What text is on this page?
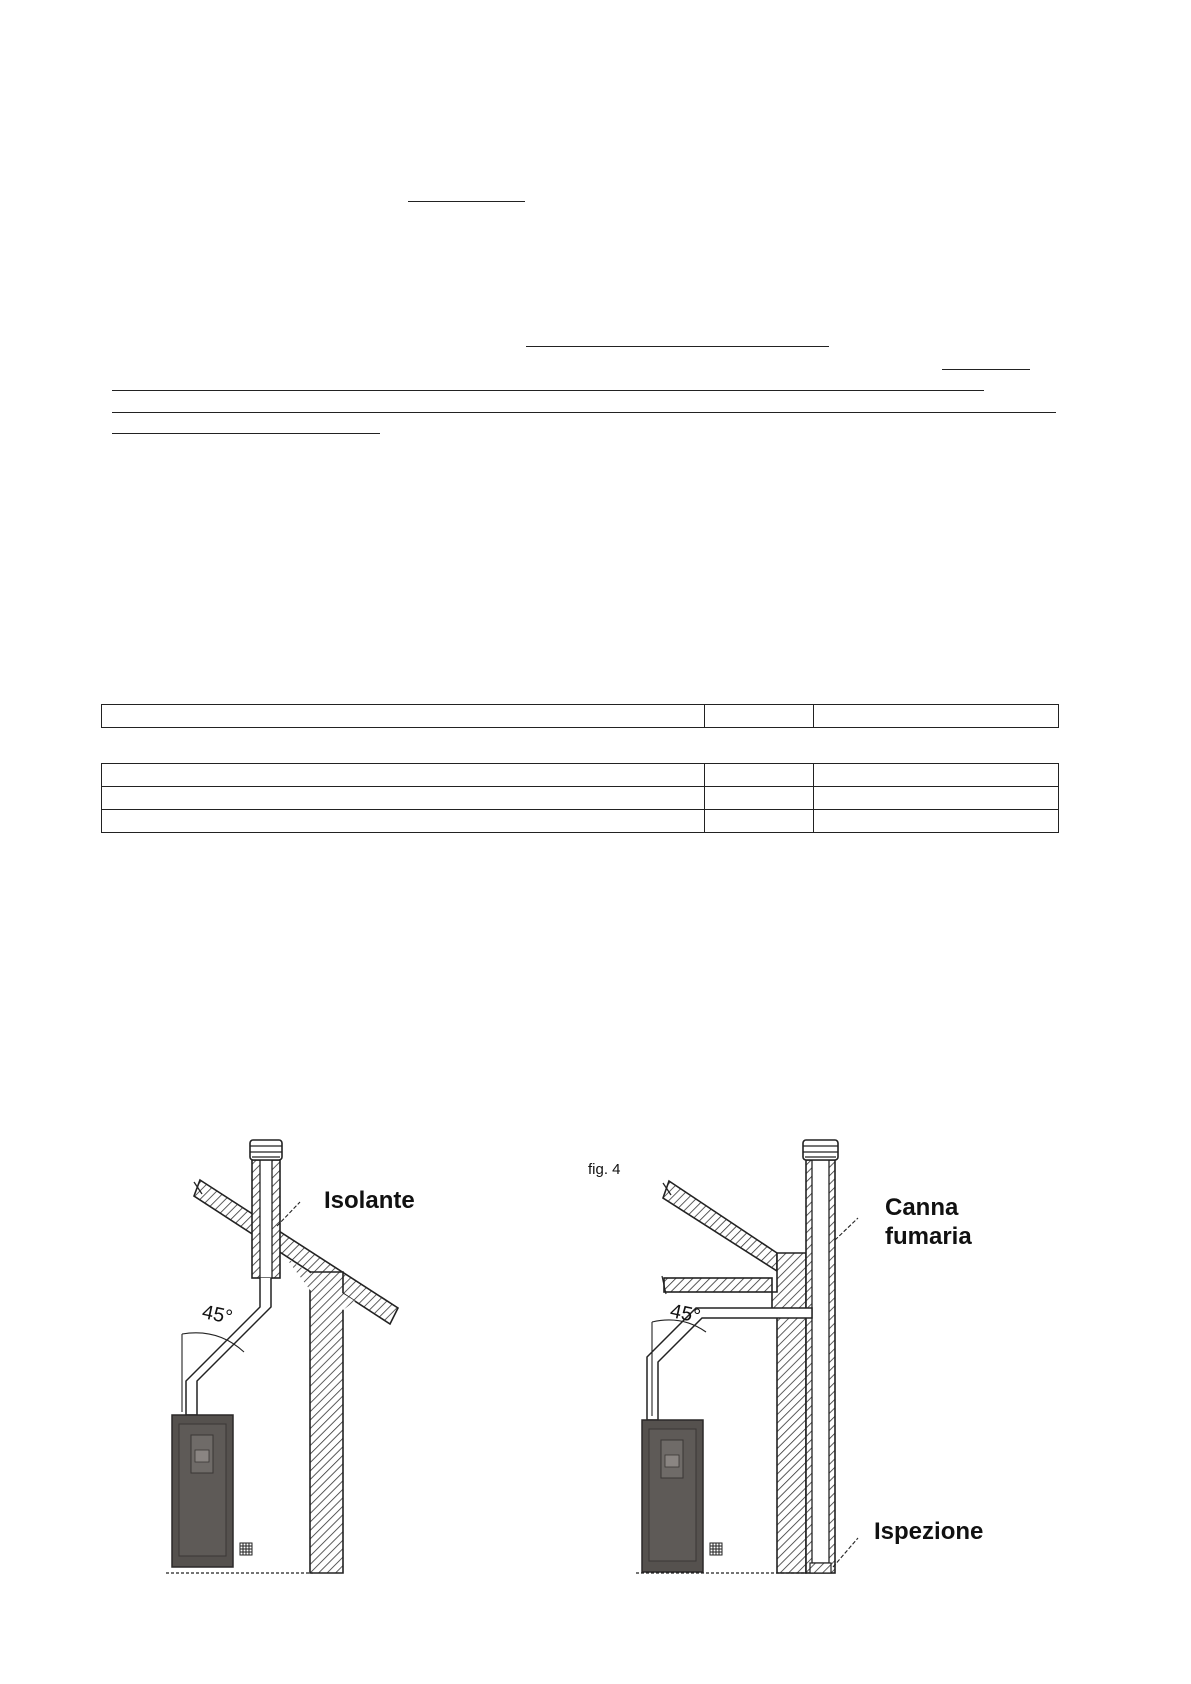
fig. 4
45°
Isolante
45°
Canna
fumaria
Ispezione
